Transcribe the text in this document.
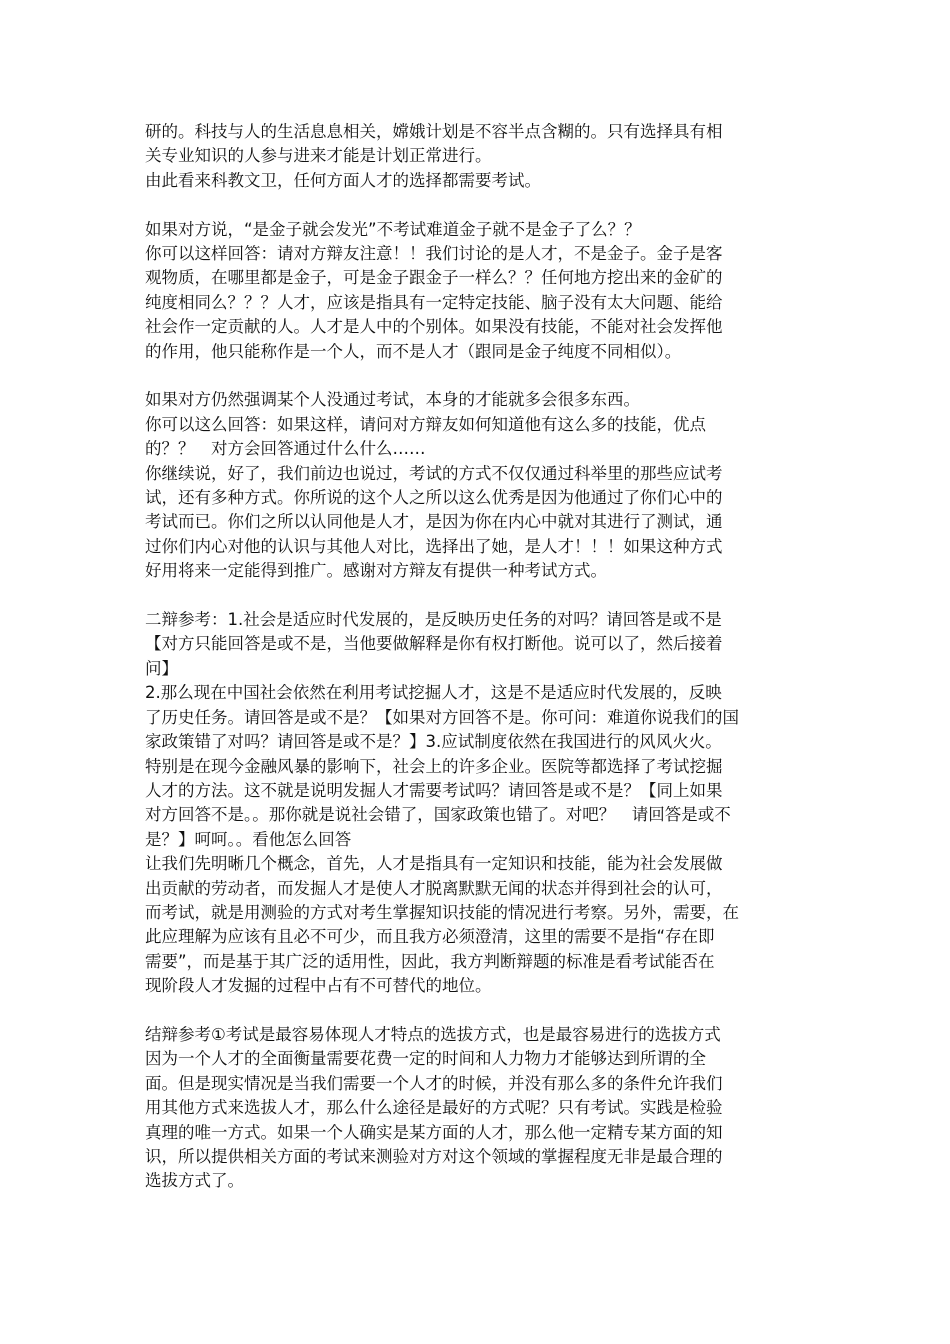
研的。科技与人的生活息息相关，嫦娥计划是不容半点含糊的。只有选择具有相
关专业知识的人参与进来才能是计划正常进行。
由此看来科教文卫，任何方面人才的选择都需要考试。
如果对方说，“是金子就会发光”不考试难道金子就不是金子了么？？
你可以这样回答：请对方辩友注意！！我们讨论的是人才，不是金子。金子是客
观物质，在哪里都是金子，可是金子跟金子一样么？？任何地方挖出来的金矿的
纯度相同么？？？人才，应该是指具有一定特定技能、脑子没有太大问题、能给
社会作一定贡献的人。人才是人中的个别体。如果没有技能，不能对社会发挥他
的作用，他只能称作是一个人，而不是人才（跟同是金子纯度不同相似）。
如果对方仍然强调某个人没通过考试，本身的才能就多会很多东西。
你可以这么回答：如果这样，请问对方辩友如何知道他有这么多的技能，优点
的？？　对方会回答通过什么什么……
你继续说，好了，我们前边也说过，考试的方式不仅仅通过科举里的那些应试考
试，还有多种方式。你所说的这个人之所以这么优秀是因为他通过了你们心中的
考试而已。你们之所以认同他是人才，是因为你在内心中就对其进行了测试，通
过你们内心对他的认识与其他人对比，选择出了她，是人才！！！如果这种方式
好用将来一定能得到推广。感谢对方辩友有提供一种考试方式。
二辩参考：1.社会是适应时代发展的，是反映历史任务的对吗？请回答是或不是
【对方只能回答是或不是，当他要做解释是你有权打断他。说可以了，然后接着
问】
2.那么现在中国社会依然在利用考试挖掘人才，这是不是适应时代发展的，反映
了历史任务。请回答是或不是？【如果对方回答不是。你可问：难道你说我们的国
家政策错了对吗？请回答是或不是？】3.应试制度依然在我国进行的风风火火。
特别是在现今金融风暴的影响下，社会上的许多企业。医院等都选择了考试挖掘
人才的方法。这不就是说明发掘人才需要考试吗？请回答是或不是？【同上如果
对方回答不是。。那你就是说社会错了，国家政策也错了。对吧？　请回答是或不
是？】呵呵。。看他怎么回答
让我们先明晰几个概念，首先，人才是指具有一定知识和技能，能为社会发展做
出贡献的劳动者，而发掘人才是使人才脱离默默无闻的状态并得到社会的认可，
而考试，就是用测验的方式对考生掌握知识技能的情况进行考察。另外，需要，在
此应理解为应该有且必不可少，而且我方必须澄清，这里的需要不是指“存在即
需要”，而是基于其广泛的适用性，因此，我方判断辩题的标准是看考试能否在
现阶段人才发掘的过程中占有不可替代的地位。
结辩参考①考试是最容易体现人才特点的选拔方式，也是最容易进行的选拔方式
因为一个人才的全面衡量需要花费一定的时间和人力物力才能够达到所谓的全
面。但是现实情况是当我们需要一个人才的时候，并没有那么多的条件允许我们
用其他方式来选拔人才，那么什么途径是最好的方式呢？只有考试。实践是检验
真理的唯一方式。如果一个人确实是某方面的人才，那么他一定精专某方面的知
识，所以提供相关方面的考试来测验对方对这个领域的掌握程度无非是最合理的
选拔方式了。
